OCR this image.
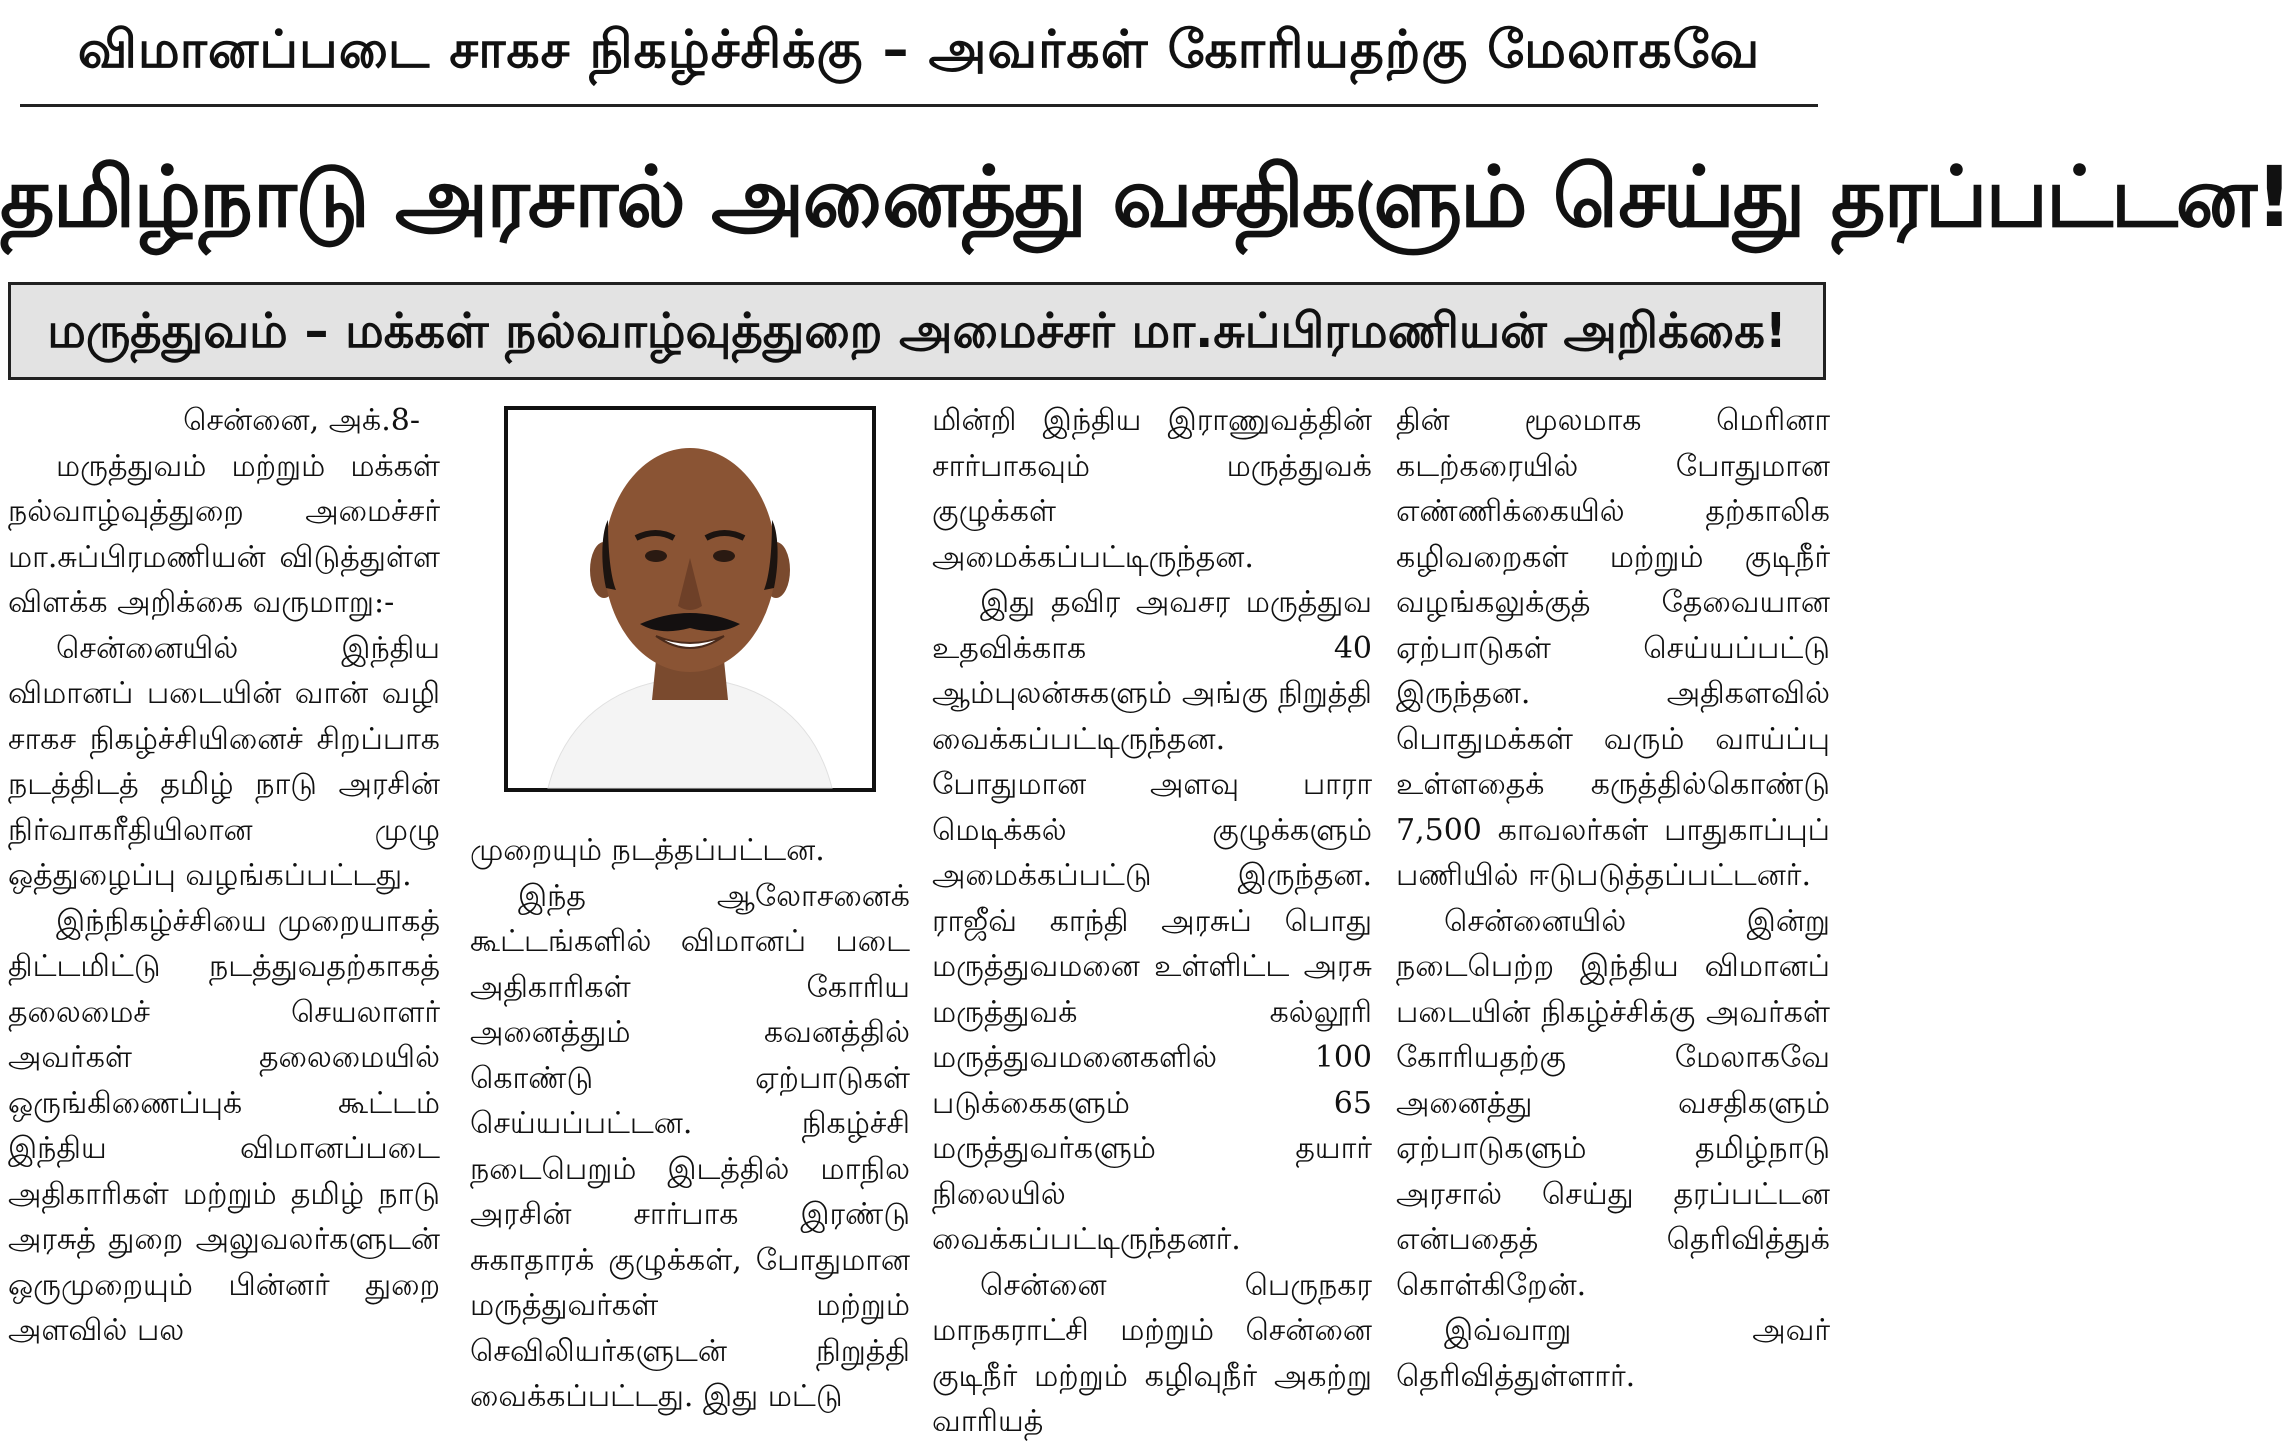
விமானப்படை சாகச நிகழ்ச்சிக்கு – அவர்கள் கோரியதற்கு மேலாகவே
தமிழ்நாடு அரசால் அனைத்து வசதிகளும் செய்து தரப்பட்டன!
மருத்துவம் – மக்கள் நல்வாழ்வுத்துறை அமைச்சர் மா.சுப்பிரமணியன் அறிக்கை!

சென்னை, அக்.8-

மருத்துவம் மற்றும் மக்கள் நல்வாழ்வுத்துறை அமைச்சர் மா.சுப்பிரமணியன் விடுத்துள்ள விளக்க அறிக்கை வருமாறு:-

சென்னையில் இந்திய விமானப் படையின் வான் வழி சாகச நிகழ்ச்சியினைச் சிறப்பாக நடத்திடத் தமிழ் நாடு அரசின் நிர்வாகரீதியிலான முழு ஒத்துழைப்பு வழங்கப்பட்டது.

இந்நிகழ்ச்சியை முறையாகத் திட்டமிட்டு நடத்துவதற்காகத் தலைமைச் செயலாளர் அவர்கள் தலைமையில் ஒருங்கிணைப்புக் கூட்டம் இந்திய விமானப்படை அதிகாரிகள் மற்றும் தமிழ் நாடு அரசுத் துறை அலுவலர்களுடன் ஒருமுறையும் பின்னர் துறை அளவில் பல

முறையும் நடத்தப்பட்டன.

இந்த ஆலோசனைக் கூட்டங்களில் விமானப் படை அதிகாரிகள் கோரிய அனைத்தும் கவனத்தில் கொண்டு ஏற்பாடுகள் செய்யப்பட்டன. நிகழ்ச்சி நடைபெறும் இடத்தில் மாநில அரசின் சார்பாக இரண்டு சுகாதாரக் குழுக்கள், போதுமான மருத்துவர்கள் மற்றும் செவிலியர்களுடன் நிறுத்தி வைக்கப்பட்டது. இது மட்டு

மின்றி இந்திய இராணுவத்தின் சார்பாகவும் மருத்துவக் குழுக்கள் அமைக்கப்பட்டிருந்தன.

இது தவிர அவசர மருத்துவ உதவிக்காக 40 ஆம்புலன்சுகளும் அங்கு நிறுத்தி வைக்கப்பட்டிருந்தன. போதுமான அளவு பாரா மெடிக்கல் குழுக்களும் அமைக்கப்பட்டு இருந்தன. ராஜீவ் காந்தி அரசுப் பொது மருத்துவமனை உள்ளிட்ட அரசு மருத்துவக் கல்லூரி மருத்துவமனைகளில் 100 படுக்கைகளும் 65 மருத்துவர்களும் தயார் நிலையில் வைக்கப்பட்டிருந்தனர்.

சென்னை பெருநகர மாநகராட்சி மற்றும் சென்னை குடிநீர் மற்றும் கழிவுநீர் அகற்று வாரியத்

தின் மூலமாக மெரினா கடற்கரையில் போதுமான எண்ணிக்கையில் தற்காலிக கழிவறைகள் மற்றும் குடிநீர் வழங்கலுக்குத் தேவையான ஏற்பாடுகள் செய்யப்பட்டு இருந்தன. அதிகளவில் பொதுமக்கள் வரும் வாய்ப்பு உள்ளதைக் கருத்தில்கொண்டு 7,500 காவலர்கள் பாதுகாப்புப் பணியில் ஈடுபடுத்தப்பட்டனர்.

சென்னையில் இன்று நடைபெற்ற இந்திய விமானப் படையின் நிகழ்ச்சிக்கு அவர்கள் கோரியதற்கு மேலாகவே அனைத்து வசதிகளும் ஏற்பாடுகளும் தமிழ்நாடு அரசால் செய்து தரப்பட்டன என்பதைத் தெரிவித்துக் கொள்கிறேன்.

இவ்வாறு அவர் தெரிவித்துள்ளார்.
